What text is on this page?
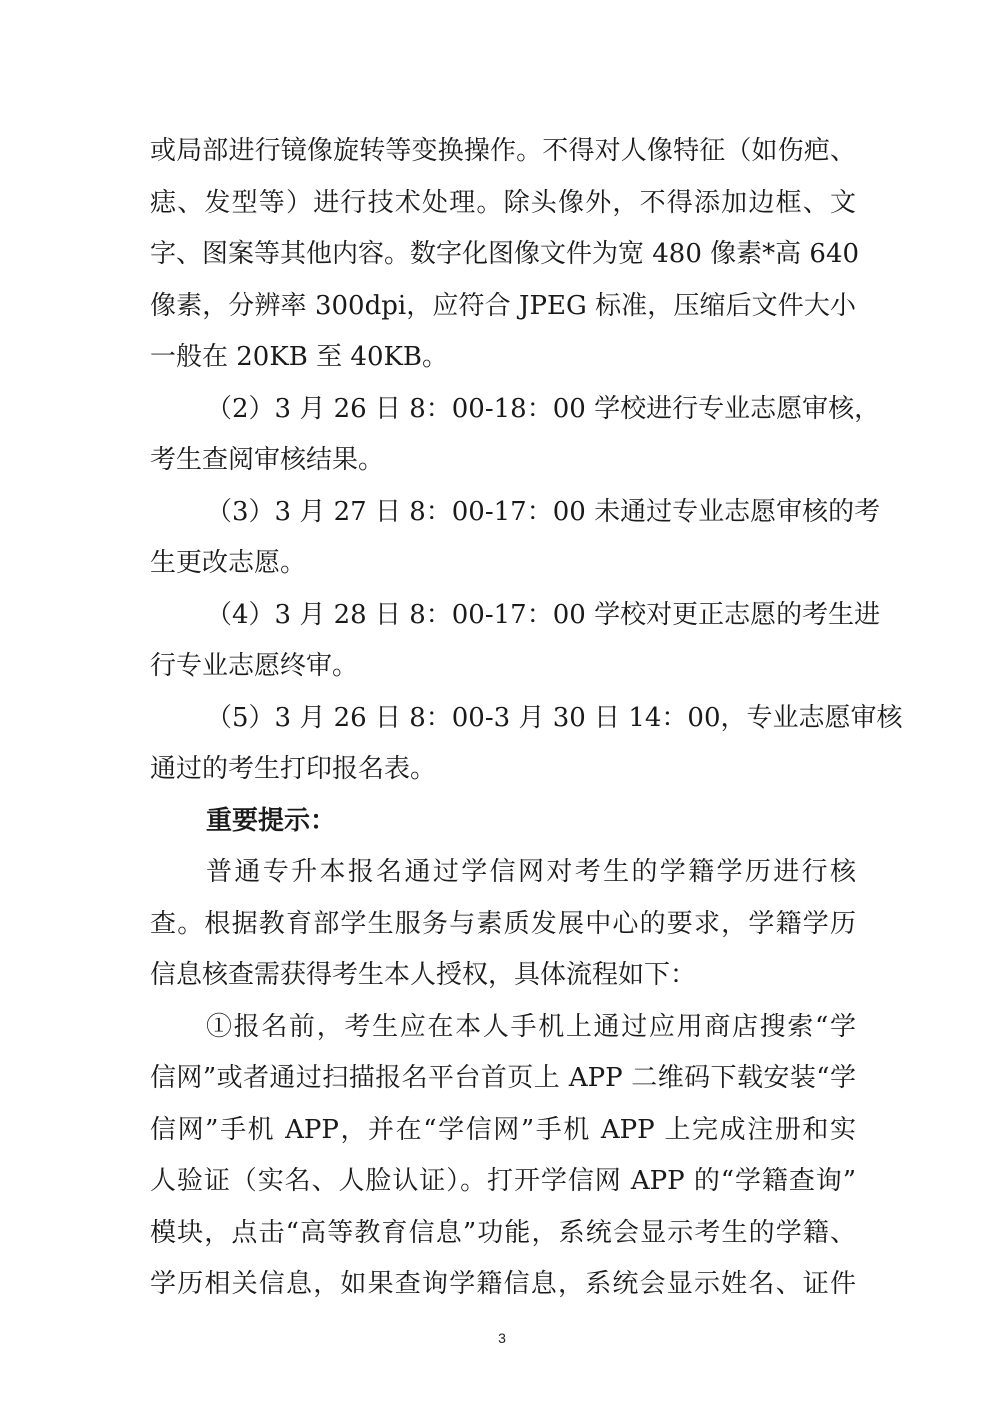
或局部进行镜像旋转等变换操作。不得对人像特征（如伤疤、
痣、发型等）进行技术处理。除头像外，不得添加边框、文
字、图案等其他内容。数字化图像文件为宽 480 像素*高 640
像素，分辨率 300dpi，应符合 JPEG 标准，压缩后文件大小
一般在 20KB 至 40KB。
（2）3 月 26 日 8：00-18：00 学校进行专业志愿审核，
考生查阅审核结果。
（3）3 月 27 日 8：00-17：00 未通过专业志愿审核的考
生更改志愿。
（4）3 月 28 日 8：00-17：00 学校对更正志愿的考生进
行专业志愿终审。
（5）3 月 26 日 8：00-3 月 30 日 14：00，专业志愿审核
通过的考生打印报名表。
重要提示：
普通专升本报名通过学信网对考生的学籍学历进行核
查。根据教育部学生服务与素质发展中心的要求，学籍学历
信息核查需获得考生本人授权，具体流程如下：
①报名前，考生应在本人手机上通过应用商店搜索“学
信网”或者通过扫描报名平台首页上 APP 二维码下载安装“学
信网”手机 APP，并在“学信网”手机 APP 上完成注册和实
人验证（实名、人脸认证）。打开学信网 APP 的“学籍查询”
模块，点击“高等教育信息”功能，系统会显示考生的学籍、
学历相关信息，如果查询学籍信息，系统会显示姓名、证件
3
